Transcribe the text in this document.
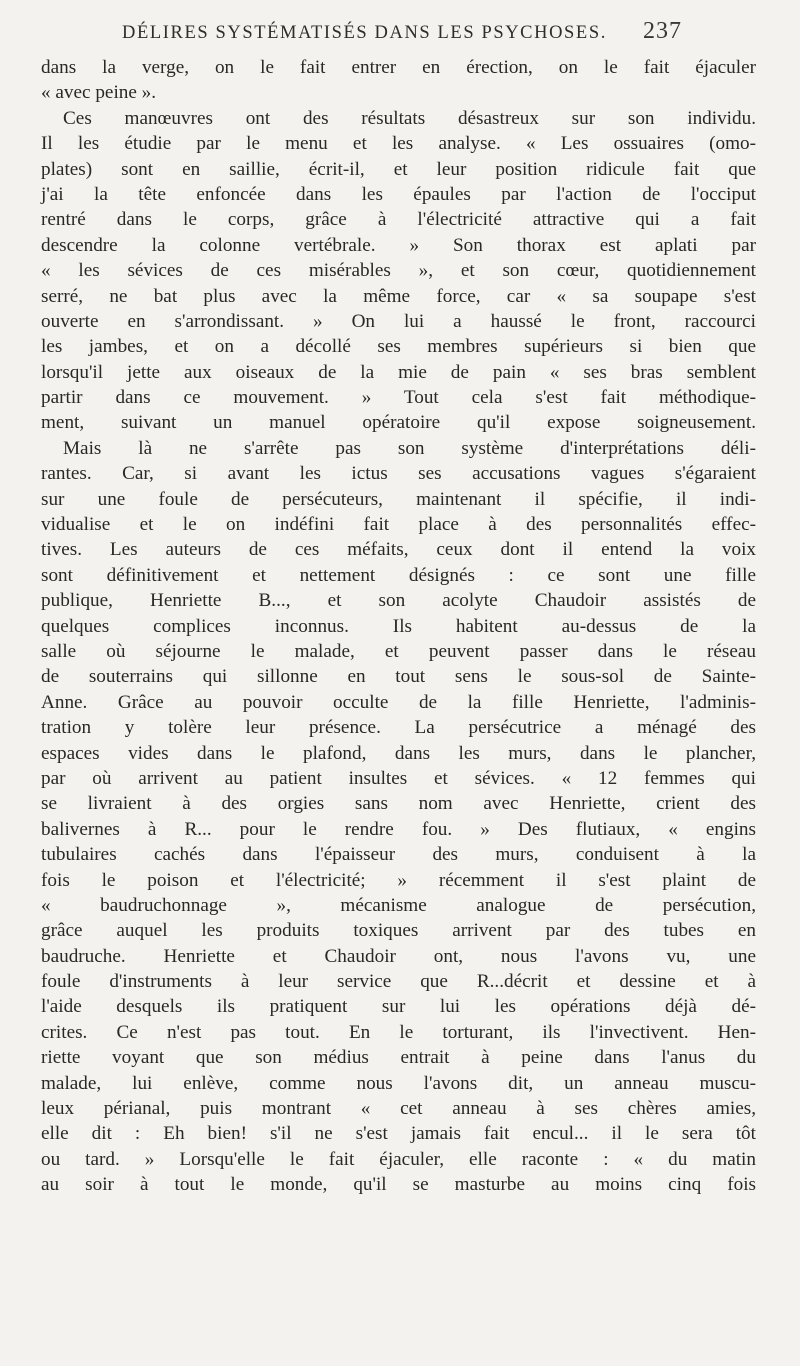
DÉLIRES SYSTÉMATISÉS DANS LES PSYCHOSES. 237
dans la verge, on le fait entrer en érection, on le fait éjaculer
« avec peine ».
Ces manœuvres ont des résultats désastreux sur son individu.
Il les étudie par le menu et les analyse. « Les ossuaires (omo-
plates) sont en saillie, écrit-il, et leur position ridicule fait que
j'ai la tête enfoncée dans les épaules par l'action de l'occiput
rentré dans le corps, grâce à l'électricité attractive qui a fait
descendre la colonne vertébrale. » Son thorax est aplati par
« les sévices de ces misérables », et son cœur, quotidiennement
serré, ne bat plus avec la même force, car « sa soupape s'est
ouverte en s'arrondissant. » On lui a haussé le front, raccourci
les jambes, et on a décollé ses membres supérieurs si bien que
lorsqu'il jette aux oiseaux de la mie de pain « ses bras semblent
partir dans ce mouvement. » Tout cela s'est fait méthodique-
ment, suivant un manuel opératoire qu'il expose soigneusement.
Mais là ne s'arrête pas son système d'interprétations déli-
rantes. Car, si avant les ictus ses accusations vagues s'égaraient
sur une foule de persécuteurs, maintenant il spécifie, il indi-
vidualise et le on indéfini fait place à des personnalités effec-
tives. Les auteurs de ces méfaits, ceux dont il entend la voix
sont définitivement et nettement désignés : ce sont une fille
publique, Henriette B..., et son acolyte Chaudoir assistés de
quelques complices inconnus. Ils habitent au-dessus de la
salle où séjourne le malade, et peuvent passer dans le réseau
de souterrains qui sillonne en tout sens le sous-sol de Sainte-
Anne. Grâce au pouvoir occulte de la fille Henriette, l'adminis-
tration y tolère leur présence. La persécutrice a ménagé des
espaces vides dans le plafond, dans les murs, dans le plancher,
par où arrivent au patient insultes et sévices. « 12 femmes qui
se livraient à des orgies sans nom avec Henriette, crient des
balivernes à R... pour le rendre fou. » Des flutiaux, « engins
tubulaires cachés dans l'épaisseur des murs, conduisent à la
fois le poison et l'électricité; » récemment il s'est plaint de
« baudruchonnage », mécanisme analogue de persécution,
grâce auquel les produits toxiques arrivent par des tubes en
baudruche. Henriette et Chaudoir ont, nous l'avons vu, une
foule d'instruments à leur service que R...décrit et dessine et à
l'aide desquels ils pratiquent sur lui les opérations déjà dé-
crites. Ce n'est pas tout. En le torturant, ils l'invectivent. Hen-
riette voyant que son médius entrait à peine dans l'anus du
malade, lui enlève, comme nous l'avons dit, un anneau muscu-
leux périanal, puis montrant « cet anneau à ses chères amies,
elle dit : Eh bien! s'il ne s'est jamais fait encul... il le sera tôt
ou tard. » Lorsqu'elle le fait éjaculer, elle raconte : « du matin
au soir à tout le monde, qu'il se masturbe au moins cinq fois
